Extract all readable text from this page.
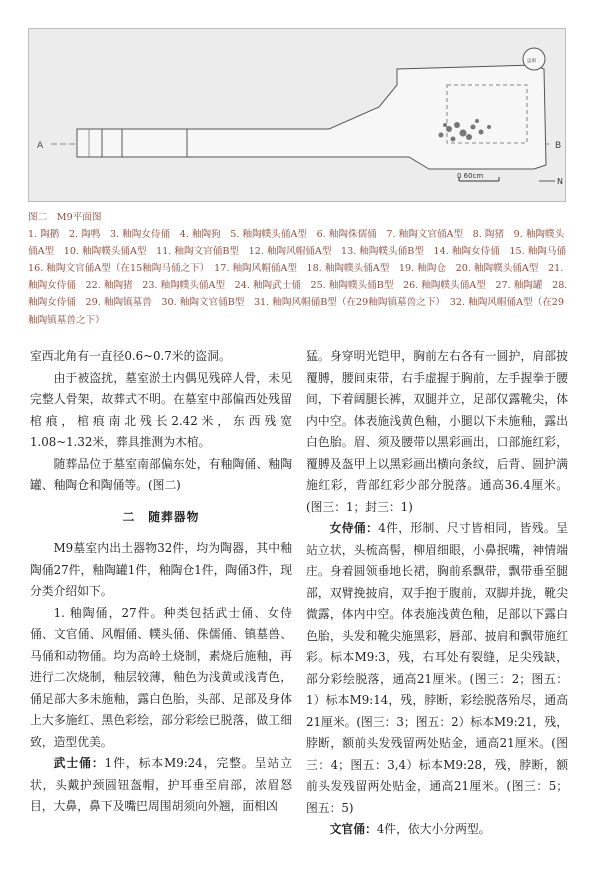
A	B
盗洞
0 60cm
N
图二　M9平面图
1. 陶鹅　2. 陶鸭　3. 釉陶女侍俑　4. 釉陶狗　5. 釉陶幞头俑A型　6. 釉陶侏儒俑　7. 釉陶文官俑A型　8. 陶猪　9. 釉陶幞头俑A型　10. 釉陶幞头俑A型　11. 釉陶文官俑B型　12. 釉陶风帽俑A型　13. 釉陶幞头俑B型　14. 釉陶女侍俑　15. 釉陶马俑　16. 釉陶文官俑A型（在15釉陶马俑之下）　17. 釉陶风帽俑A型　18. 釉陶幞头俑A型　19. 釉陶仓　20. 釉陶幞头俑A型　21. 釉陶女侍俑　22. 釉陶猪　23. 釉陶幞头俑A型　24. 釉陶武士俑　25. 釉陶幞头俑B型　26. 釉陶幞头俑A型　27. 釉陶罐　28. 釉陶女侍俑　29. 釉陶镇墓兽　30. 釉陶文官俑B型　31. 釉陶风帽俑B型（在29釉陶镇墓兽之下）　32. 釉陶风帽俑A型（在29釉陶镇墓兽之下）

室西北角有一直径0.6~0.7米的盗洞。

由于被盗扰，墓室淤土内偶见残碎人骨，未见完整人骨架，故葬式不明。在墓室中部偏西处残留棺痕，棺痕南北残长2.42米，东西残宽1.08~1.32米，葬具推测为木棺。

随葬品位于墓室南部偏东处，有釉陶俑、釉陶罐、釉陶仓和陶俑等。(图二)

二　随葬器物

M9墓室内出土器物32件，均为陶器，其中釉陶俑27件，釉陶罐1件，釉陶仓1件，陶俑3件，现分类介绍如下。

1. 釉陶俑，27件。种类包括武士俑、女侍俑、文官俑、风帽俑、幞头俑、侏儒俑、镇墓兽、马俑和动物俑。均为高岭土烧制，素烧后施釉，再进行二次烧制，釉层较薄，釉色为浅黄或浅青色，俑足部大多未施釉，露白色胎，头部、足部及身体上大多施红、黑色彩绘，部分彩绘已脱落，做工细致，造型优美。

武士俑：1件，标本M9:24，完整。呈站立状，头戴护颈圆钮盔帽，护耳垂至肩部，浓眉怒目，大鼻，鼻下及嘴巴周围胡须向外翘，面相凶

猛。身穿明光铠甲，胸前左右各有一圆护，肩部披覆膊，腰间束带，右手虚握于胸前，左手握拳于腰间，下着阔腿长裤，双腿并立，足部仅露靴尖，体内中空。体表施浅黄色釉，小腿以下未施釉，露出白色胎。眉、须及腰带以黑彩画出，口部施红彩，覆膊及盔甲上以黑彩画出横向条纹，后背、圆护满施红彩，背部红彩少部分脱落。通高36.4厘米。(图三：1；封三：1)

女侍俑：4件，形制、尺寸皆相同，皆残。呈站立状，头梳高髻，柳眉细眼，小鼻抿嘴，神情端庄。身着圆领垂地长裙，胸前系飘带，飘带垂至腿部，双臂挽披肩，双手抱于腹前，双脚并拢，靴尖微露，体内中空。体表施浅黄色釉，足部以下露白色胎，头发和靴尖施黑彩，唇部、披肩和飘带施红彩。标本M9:3，残，右耳处有裂缝，足尖残缺，部分彩绘脱落，通高21厘米。(图三：2；图五：1）标本M9:14，残，脖断，彩绘脱落殆尽，通高21厘米。(图三：3；图五：2）标本M9:21，残，脖断，额前头发残留两处贴金，通高21厘米。(图三：4；图五：3,4）标本M9:28，残，脖断，额前头发残留两处贴金，通高21厘米。(图三：5；图五：5)

文官俑：4件，依大小分两型。
